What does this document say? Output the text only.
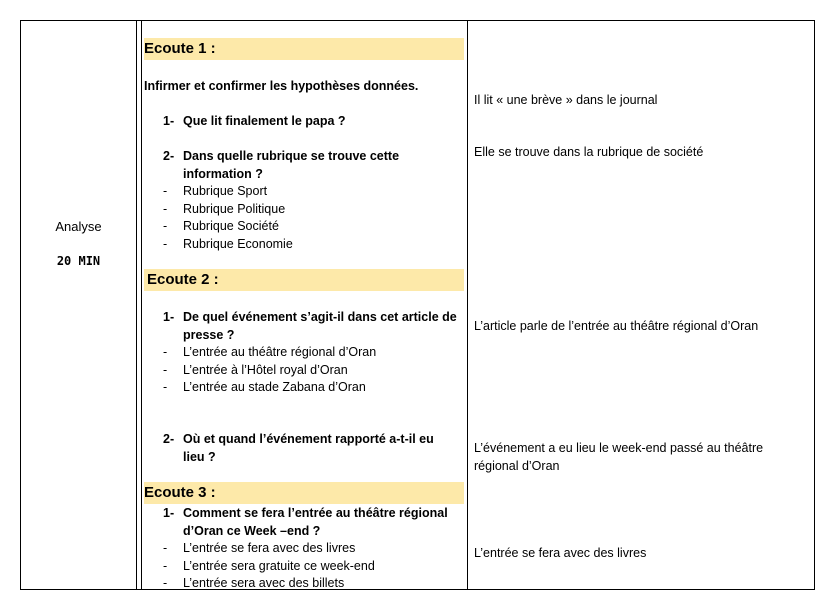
Analyse
20 MIN
Ecoute 1 :
Infirmer et confirmer les hypothèses données.
1- Que lit finalement le papa ?
2- Dans quelle rubrique se trouve cette
information ?
- Rubrique Sport
- Rubrique Politique
- Rubrique Société
- Rubrique Economie
Ecoute 2 :
1- De quel événement s’agit-il dans cet article de
presse ?
- L’entrée au théâtre régional d’Oran
- L’entrée à l’Hôtel royal d’Oran
- L’entrée au stade Zabana d’Oran
2- Où et quand l’événement rapporté a-t-il eu
lieu ?
Ecoute 3 :
1- Comment se fera l’entrée au théâtre régional
d’Oran ce Week –end ?
- L’entrée se fera avec des livres
- L’entrée sera gratuite ce week-end
- L’entrée sera avec des billets
Il lit « une brève » dans le journal
Elle se trouve dans la rubrique de société
L’article parle de l’entrée au théâtre régional d’Oran
L’événement a eu lieu le week-end passé au théâtre
régional d’Oran
L’entrée se fera avec des livres
